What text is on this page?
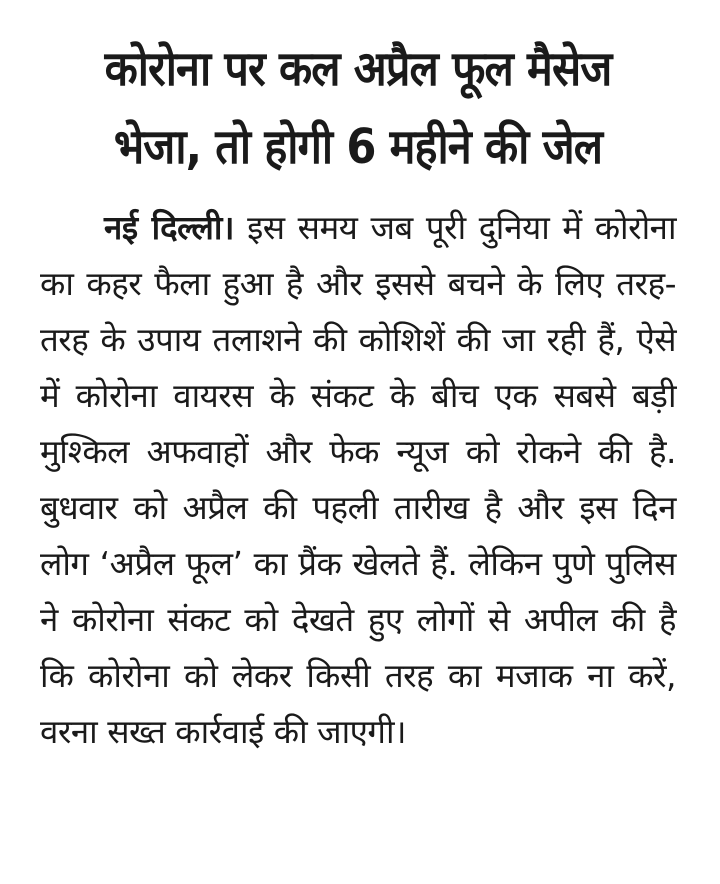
कोरोना पर कल अप्रैल फूल मैसेज
भेजा, तो होगी 6 महीने की जेल

नई दिल्ली। इस समय जब पूरी दुनिया में कोरोना का कहर फैला हुआ है और इससे बचने के लिए तरह-तरह के उपाय तलाशने की कोशिशें की जा रही हैं, ऐसे में कोरोना वायरस के संकट के बीच एक सबसे बड़ी मुश्किल अफवाहों और फेक न्यूज को रोकने की है. बुधवार को अप्रैल की पहली तारीख है और इस दिन लोग ‘अप्रैल फूल’ का प्रैंक खेलते हैं. लेकिन पुणे पुलिस ने कोरोना संकट को देखते हुए लोगों से अपील की है कि कोरोना को लेकर किसी तरह का मजाक ना करें, वरना सख्त कार्रवाई की जाएगी।
